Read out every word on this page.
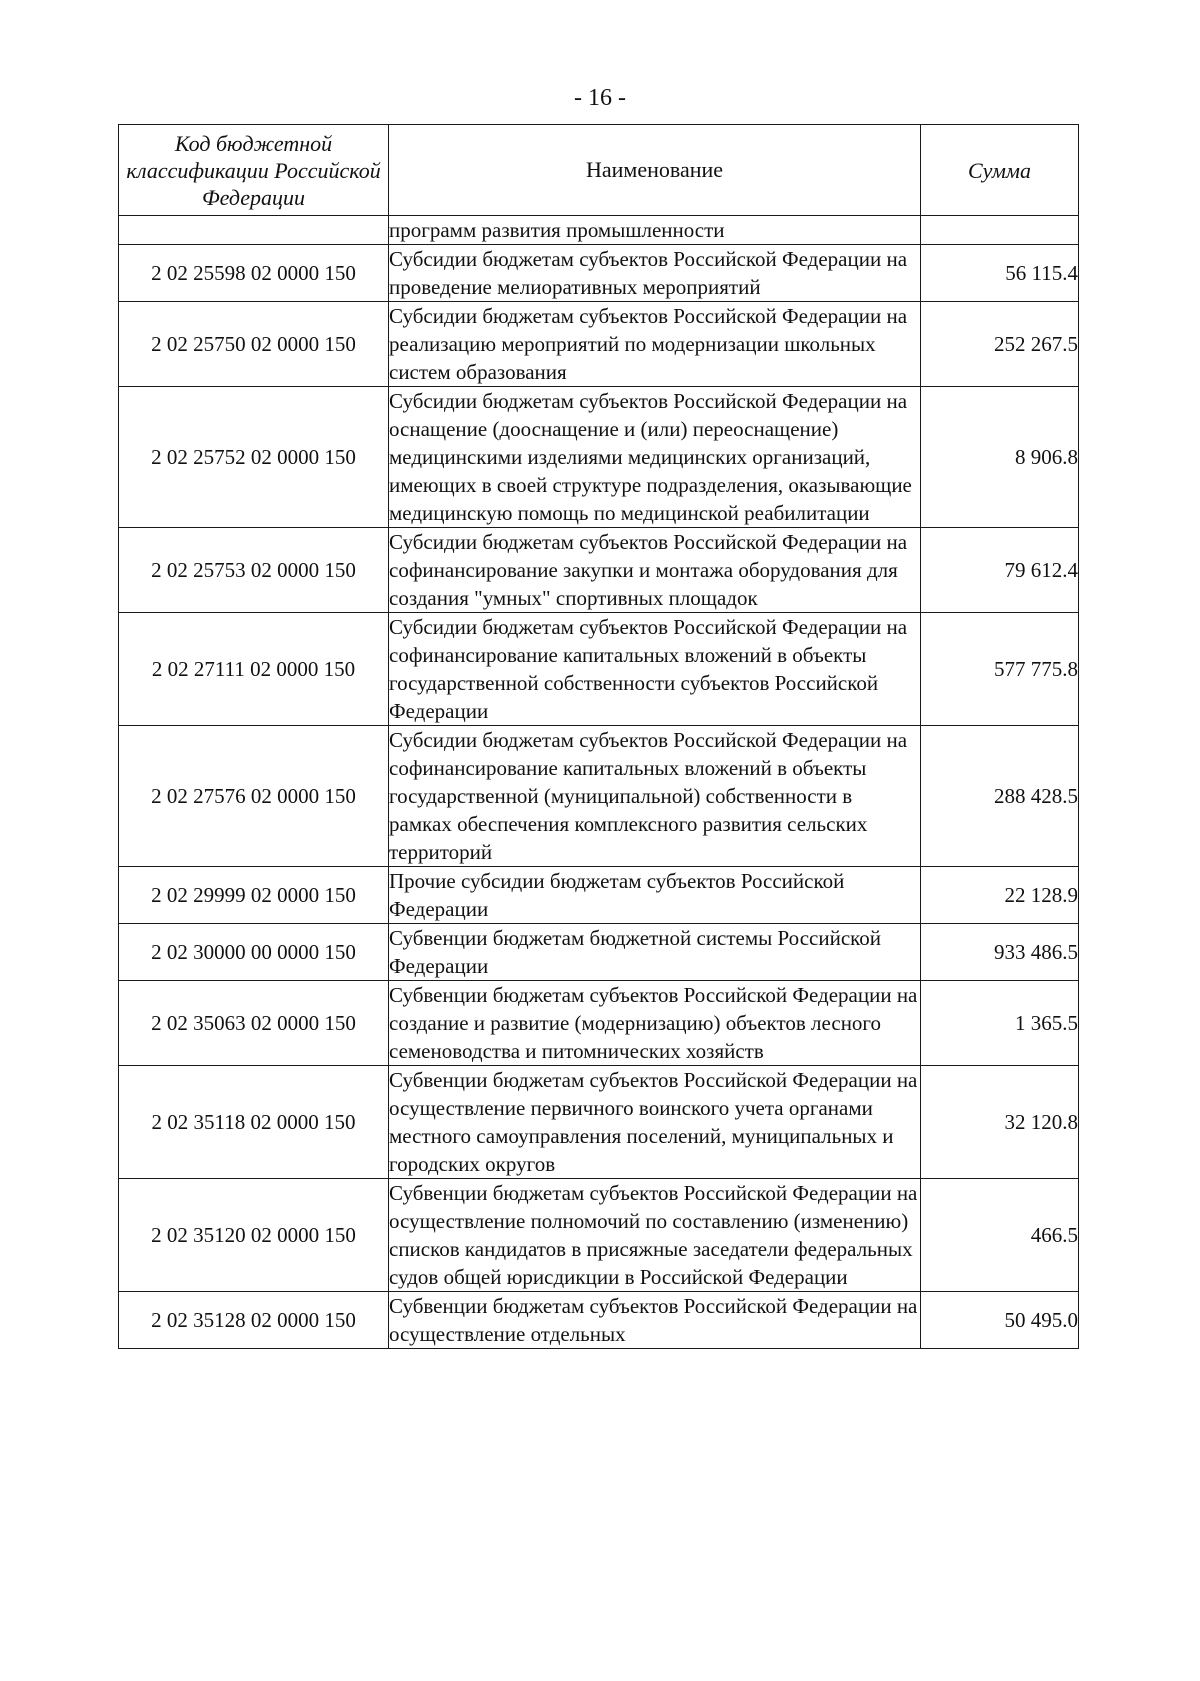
- 16 -
Код бюджетной классификации Российской Федерации	Наименование	Сумма
	программ развития промышленности	
2 02 25598 02 0000 150	Субсидии бюджетам субъектов Российской Федерации на проведение мелиоративных мероприятий	56 115.4
2 02 25750 02 0000 150	Субсидии бюджетам субъектов Российской Федерации на реализацию мероприятий по модернизации школьных систем образования	252 267.5
2 02 25752 02 0000 150	Субсидии бюджетам субъектов Российской Федерации на оснащение (дооснащение и (или) переоснащение) медицинскими изделиями медицинских организаций, имеющих в своей структуре подразделения, оказывающие медицинскую помощь по медицинской реабилитации	8 906.8
2 02 25753 02 0000 150	Субсидии бюджетам субъектов Российской Федерации на софинансирование закупки и монтажа оборудования для создания "умных" спортивных площадок	79 612.4
2 02 27111 02 0000 150	Субсидии бюджетам субъектов Российской Федерации на софинансирование капитальных вложений в объекты государственной собственности субъектов Российской Федерации	577 775.8
2 02 27576 02 0000 150	Субсидии бюджетам субъектов Российской Федерации на софинансирование капитальных вложений в объекты государственной (муниципальной) собственности в рамках обеспечения комплексного развития сельских территорий	288 428.5
2 02 29999 02 0000 150	Прочие субсидии бюджетам субъектов Российской Федерации	22 128.9
2 02 30000 00 0000 150	Субвенции бюджетам бюджетной системы Российской Федерации	933 486.5
2 02 35063 02 0000 150	Субвенции бюджетам субъектов Российской Федерации на создание и развитие (модернизацию) объектов лесного семеноводства и питомнических хозяйств	1 365.5
2 02 35118 02 0000 150	Субвенции бюджетам субъектов Российской Федерации на осуществление первичного воинского учета органами местного самоуправления поселений, муниципальных и городских округов	32 120.8
2 02 35120 02 0000 150	Субвенции бюджетам субъектов Российской Федерации на осуществление полномочий по составлению (изменению) списков кандидатов в присяжные заседатели федеральных судов общей юрисдикции в Российской Федерации	466.5
2 02 35128 02 0000 150	Субвенции бюджетам субъектов Российской Федерации на осуществление отдельных	50 495.0
